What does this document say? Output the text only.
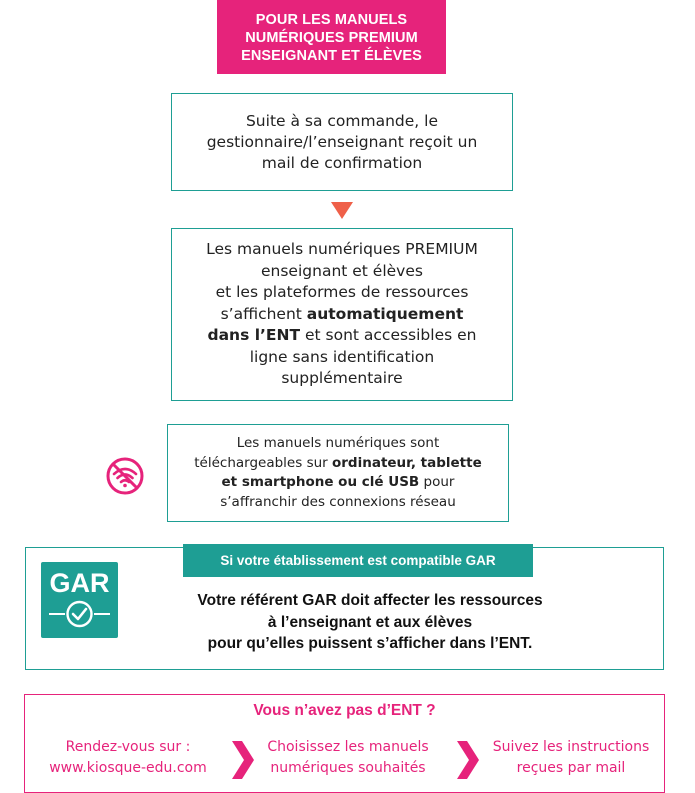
POUR LES MANUELS
NUMÉRIQUES PREMIUM
ENSEIGNANT ET ÉLÈVES
Suite à sa commande, le
gestionnaire/l’enseignant reçoit un
mail de confirmation
Les manuels numériques PREMIUM
enseignant et élèves
et les plateformes de ressources
s’affichent automatiquement
dans l’ENT et sont accessibles en
ligne sans identification
supplémentaire
Les manuels numériques sont
téléchargeables sur ordinateur, tablette
et smartphone ou clé USB pour
s’affranchir des connexions réseau
Si votre établissement est compatible GAR
GAR
Votre référent GAR doit affecter les ressources
à l’enseignant et aux élèves
pour qu’elles puissent s’afficher dans l’ENT.
Vous n’avez pas d’ENT ?
Rendez-vous sur :
www.kiosque-edu.com
Choisissez les manuels
numériques souhaités
Suivez les instructions
reçues par mail
